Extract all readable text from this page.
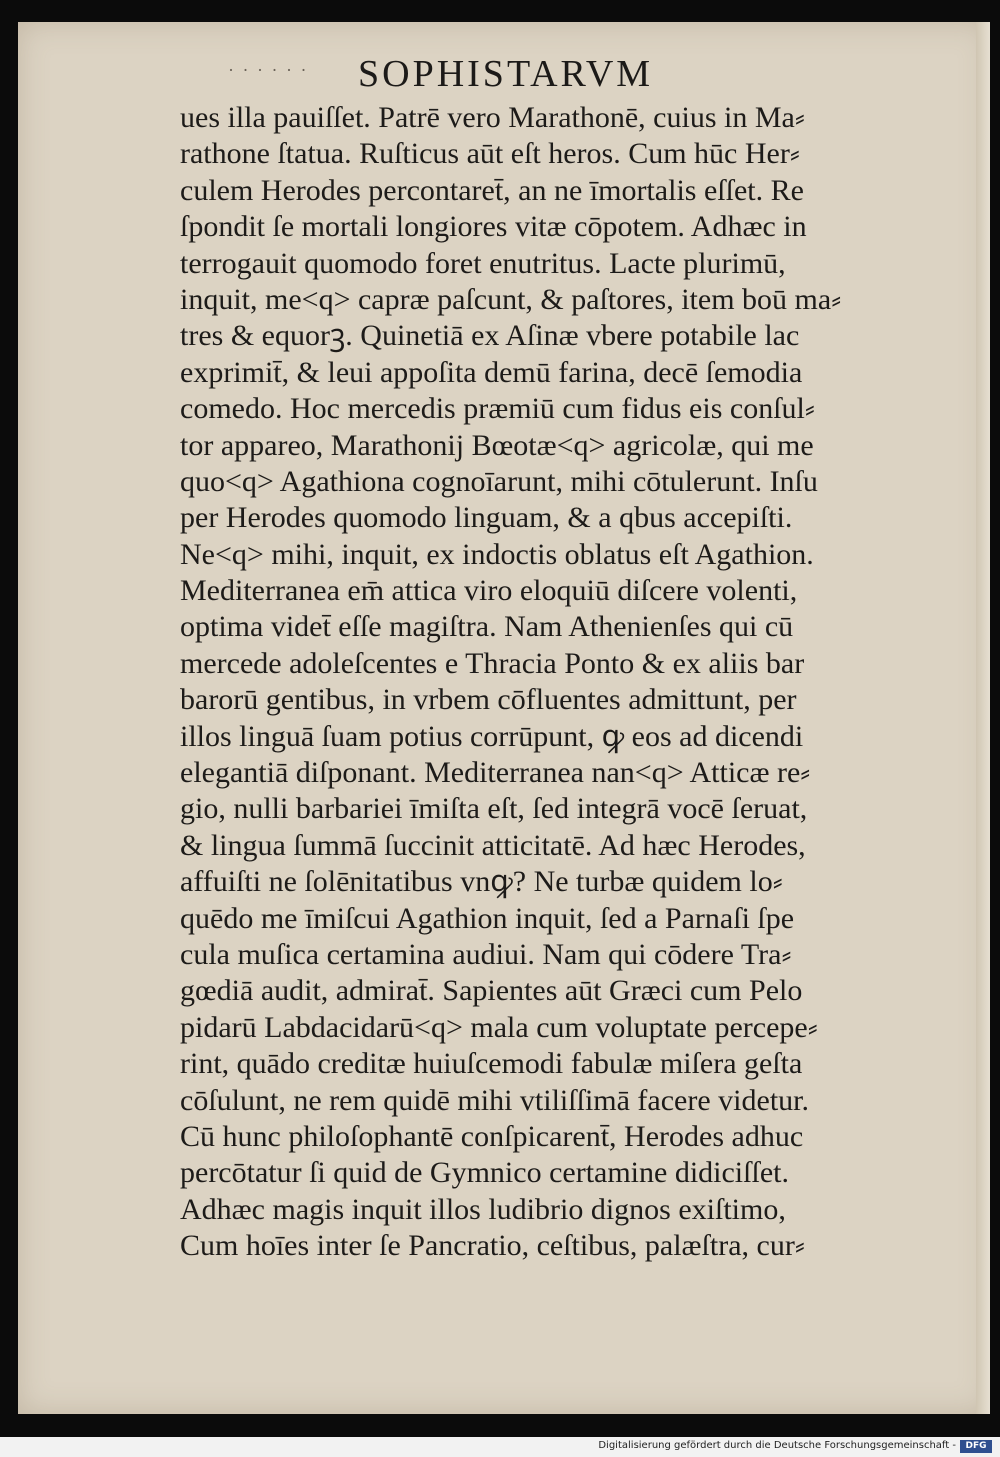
· · · · · · SOPHISTARVM
ues illa pauiſſet. Patrē vero Marathonē, cuius in Ma⸗
rathone ſtatua. Ruſticus aūt eſt heros. Cum hūc Her⸗
culem Herodes percontaret̄, an ne īmortalis eſſet. Re
ſpondit ſe mortali longiores vitæ cōpotem. Adhæc in
terrogauit quomodo foret enutritus. Lacte plurimū,
inquit, me<q> capræ paſcunt, & paſtores, item boū ma⸗
tres & equorꝫ. Quinetiā ex Aſinæ vbere potabile lac
exprimit̄, & leui appoſita demū farina, decē ſemodia
comedo. Hoc mercedis præmiū cum fidus eis conſul⸗
tor appareo, Marathonij Bœotæ<q> agricolæ, qui me
quo<q> Agathiona cognoīarunt, mihi cōtulerunt. Inſu
per Herodes quomodo linguam, & a qbus accepiſti.
Ne<q> mihi, inquit, ex indoctis oblatus eſt Agathion.
Mediterranea em̄ attica viro eloquiū diſcere volenti,
optima videt̄ eſſe magiſtra. Nam Athenienſes qui cū
mercede adoleſcentes e Thracia Ponto & ex aliis bar
barorū gentibus, in vrbem cōfluentes admittunt, per
illos linguā ſuam potius corrūpunt, ꝙ eos ad dicendi
elegantiā diſponant. Mediterranea nan<q> Atticæ re⸗
gio, nulli barbariei īmiſta eſt, ſed integrā vocē ſeruat,
& lingua ſummā ſuccinit atticitatē. Ad hæc Herodes,
affuiſti ne ſolēnitatibus vnꝙ? Ne turbæ quidem lo⸗
quēdo me īmiſcui Agathion inquit, ſed a Parnaſi ſpe
cula muſica certamina audiui. Nam qui cōdere Tra⸗
gœdiā audit, admirat̄. Sapientes aūt Græci cum Pelo
pidarū Labdacidarū<q> mala cum voluptate percepe⸗
rint, quādo creditæ huiuſcemodi fabulæ miſera geſta
cōſulunt, ne rem quidē mihi vtiliſſimā facere videtur.
Cū hunc philoſophantē conſpicarent̄, Herodes adhuc
percōtatur ſi quid de Gymnico certamine didiciſſet.
Adhæc magis inquit illos ludibrio dignos exiſtimo,
Cum hoīes inter ſe Pancratio, ceſtibus, palæſtra, cur⸗
Digitalisierung gefördert durch die Deutsche Forschungsgemeinschaft -	DFG
